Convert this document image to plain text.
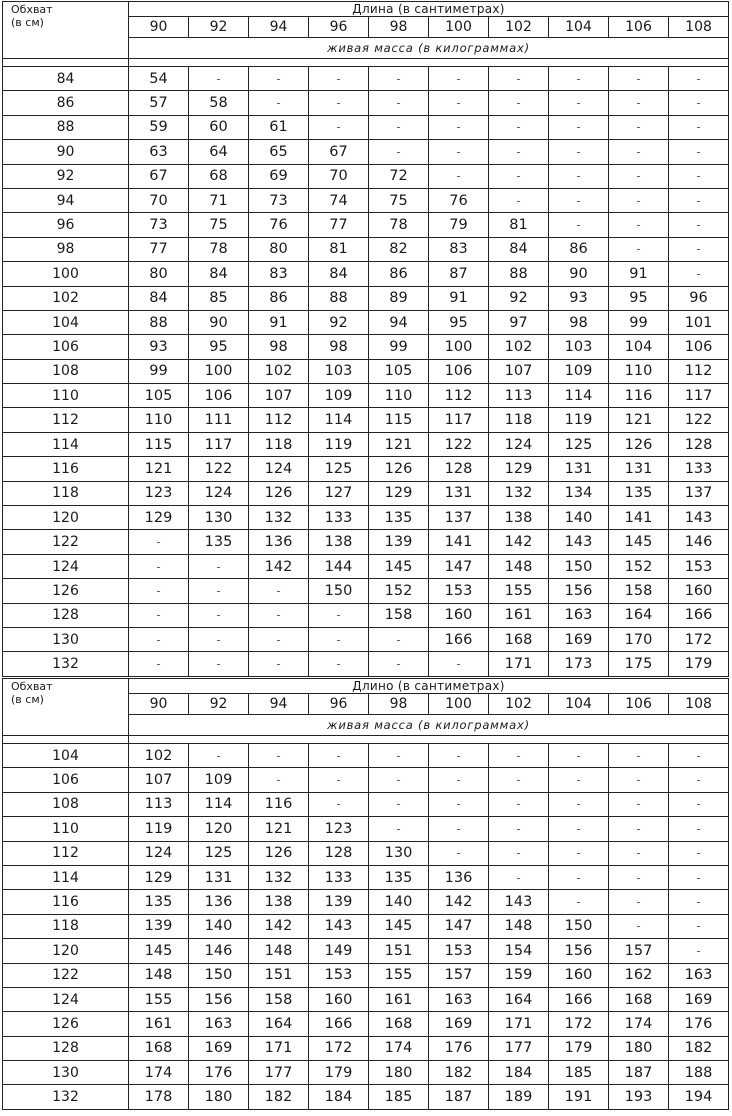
Обхват
(в см)	Длина (в сантиметрах)									
	90	92	94	96	98	100	102	104	106	108
	живая масса (в килограммах)									

84	54	-	-	-	-	-	-	-	-	-
86	57	58	-	-	-	-	-	-	-	-
88	59	60	61	-	-	-	-	-	-	-
90	63	64	65	67	-	-	-	-	-	-
92	67	68	69	70	72	-	-	-	-	-
94	70	71	73	74	75	76	-	-	-	-
96	73	75	76	77	78	79	81	-	-	-
98	77	78	80	81	82	83	84	86	-	-
100	80	84	83	84	86	87	88	90	91	-
102	84	85	86	88	89	91	92	93	95	96
104	88	90	91	92	94	95	97	98	99	101
106	93	95	98	98	99	100	102	103	104	106
108	99	100	102	103	105	106	107	109	110	112
110	105	106	107	109	110	112	113	114	116	117
112	110	111	112	114	115	117	118	119	121	122
114	115	117	118	119	121	122	124	125	126	128
116	121	122	124	125	126	128	129	131	131	133
118	123	124	126	127	129	131	132	134	135	137
120	129	130	132	133	135	137	138	140	141	143
122	-	135	136	138	139	141	142	143	145	146
124	-	-	142	144	145	147	148	150	152	153
126	-	-	-	150	152	153	155	156	158	160
128	-	-	-	-	158	160	161	163	164	166
130	-	-	-	-	-	166	168	169	170	172
132	-	-	-	-	-	-	171	173	175	179
Обхват
(в см)	Длино (в сантиметрах)									
	90	92	94	96	98	100	102	104	106	108
	живая масса (в килограммах)									

104	102	-	-	-	-	-	-	-	-	-
106	107	109	-	-	-	-	-	-	-	-
108	113	114	116	-	-	-	-	-	-	-
110	119	120	121	123	-	-	-	-	-	-
112	124	125	126	128	130	-	-	-	-	-
114	129	131	132	133	135	136	-	-	-	-
116	135	136	138	139	140	142	143	-	-	-
118	139	140	142	143	145	147	148	150	-	-
120	145	146	148	149	151	153	154	156	157	-
122	148	150	151	153	155	157	159	160	162	163
124	155	156	158	160	161	163	164	166	168	169
126	161	163	164	166	168	169	171	172	174	176
128	168	169	171	172	174	176	177	179	180	182
130	174	176	177	179	180	182	184	185	187	188
132	178	180	182	184	185	187	189	191	193	194
